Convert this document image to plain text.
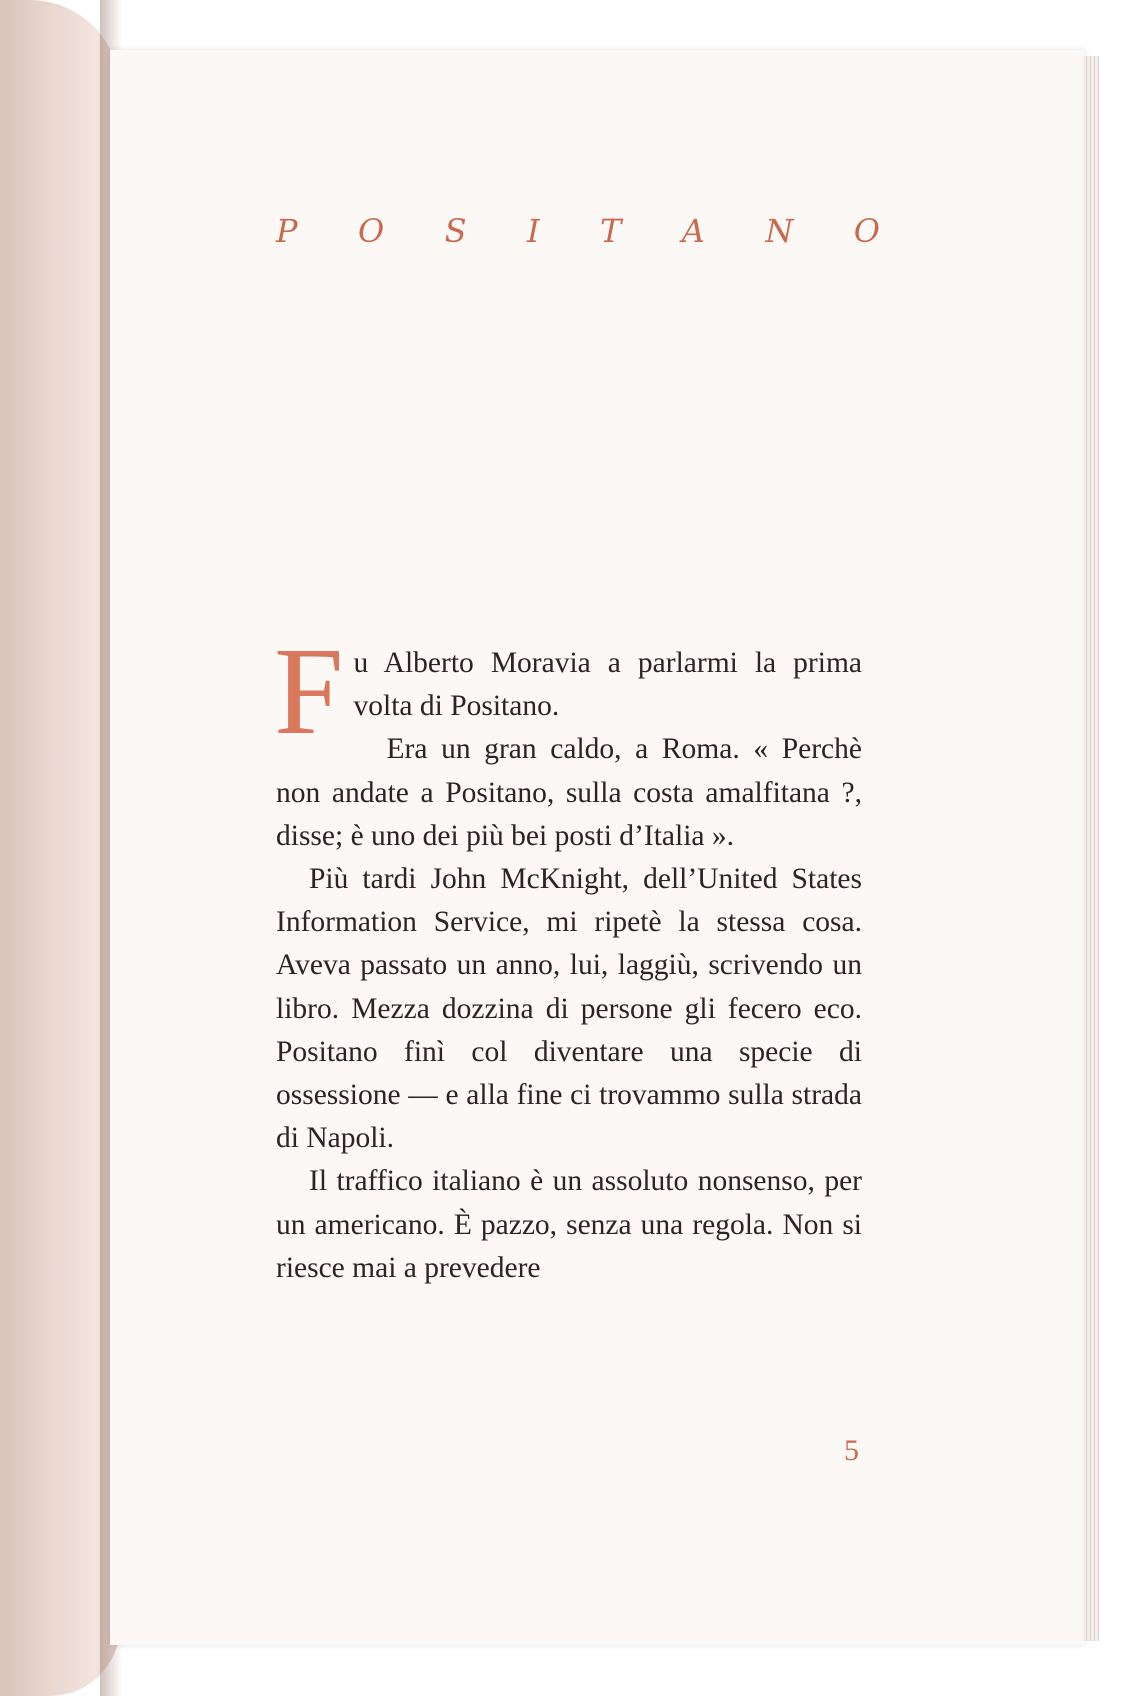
P O S I T A N O

Fu Alberto Moravia a parlarmi la prima volta di Positano.

Era un gran caldo, a Roma. « Perchè non andate a Positano, sulla costa amalfitana ?, disse; è uno dei più bei posti d’Italia ».

Più tardi John McKnight, dell’United States Information Service, mi ripetè la stessa cosa. Aveva passato un anno, lui, laggiù, scrivendo un libro. Mezza dozzina di persone gli fecero eco. Positano finì col diventare una specie di ossessione — e alla fine ci trovammo sulla strada di Napoli.

Il traffico italiano è un assoluto nonsenso, per un americano. È pazzo, senza una regola. Non si riesce mai a prevedere

5
